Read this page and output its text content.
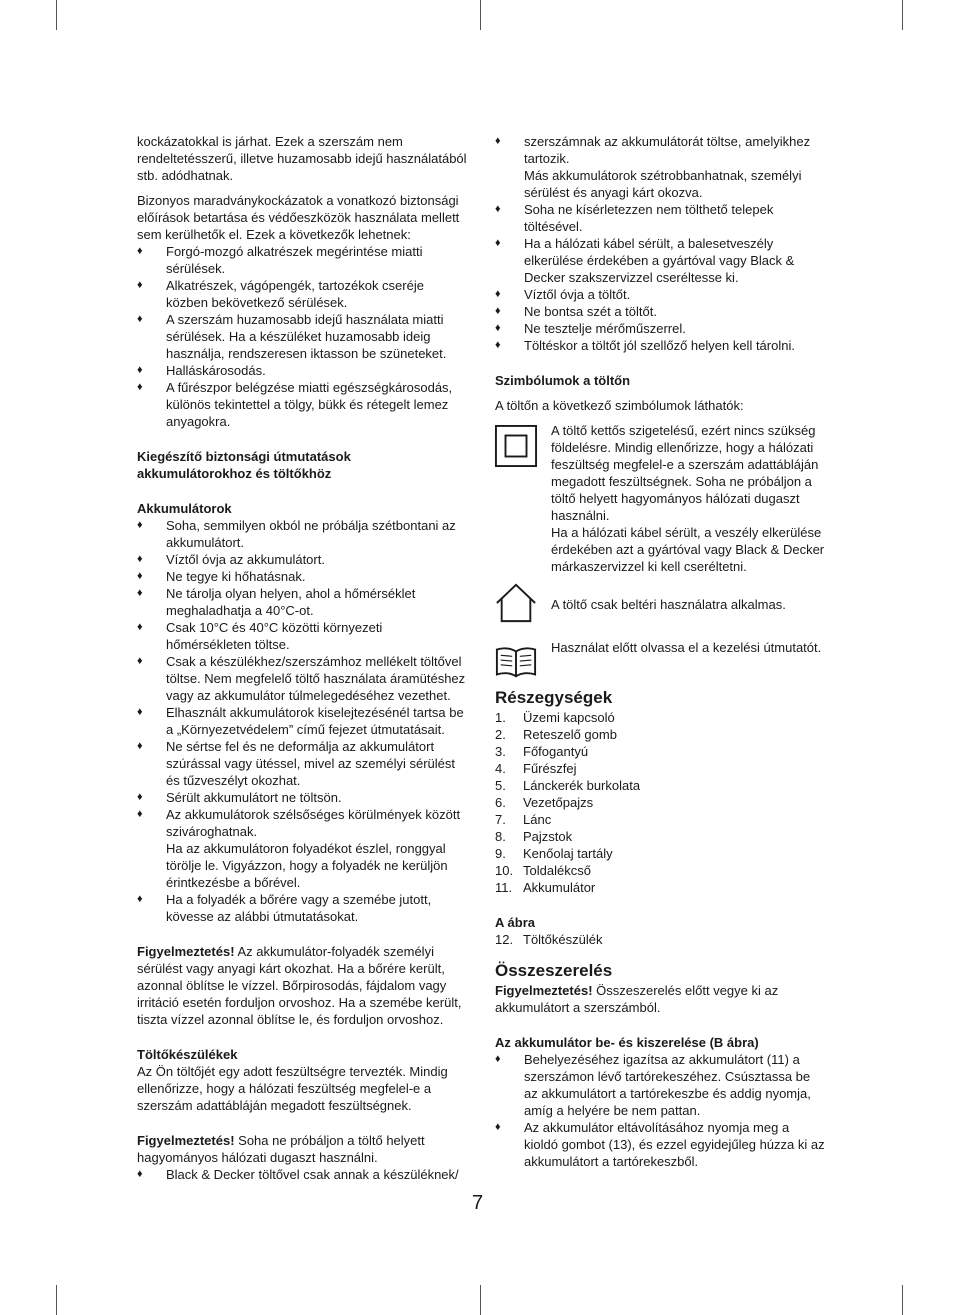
kockázatokkal is járhat. Ezek a szerszám nem rendeltetésszerű, illetve huzamosabb idejű használatából stb. adódhatnak.

Bizonyos maradványkockázatok a vonatkozó biztonsági előírások betartása és védőeszközök használata mellett sem kerülhetők el. Ezek a következők lehetnek:

♦ Forgó-mozgó alkatrészek megérintése miatti sérülések.
♦ Alkatrészek, vágópengék, tartozékok cseréje közben bekövetkező sérülések.
♦ A szerszám huzamosabb idejű használata miatti sérülések. Ha a készüléket huzamosabb ideig használja, rendszeresen iktasson be szüneteket.
♦ Halláskárosodás.
♦ A fűrészpor belégzése miatti egészségkárosodás, különös tekintettel a tölgy, bükk és rétegelt lemez anyagokra.

Kiegészítő biztonsági útmutatások akkumulátorokhoz és töltőkhöz

Akkumulátorok

♦ Soha, semmilyen okból ne próbálja szétbontani az akkumulátort.
♦ Víztől óvja az akkumulátort.
♦ Ne tegye ki hőhatásnak.
♦ Ne tárolja olyan helyen, ahol a hőmérséklet meghaladhatja a 40°C-ot.
♦ Csak 10°C és 40°C közötti környezeti hőmérsékleten töltse.
♦ Csak a készülékhez/szerszámhoz mellékelt töltővel töltse. Nem megfelelő töltő használata áramütéshez vagy az akkumulátor túlmelegedéséhez vezethet.
♦ Elhasznált akkumulátorok kiselejtezésénél tartsa be a „Környezetvédelem” című fejezet útmutatásait.
♦ Ne sértse fel és ne deformálja az akkumulátort szúrással vagy ütéssel, mivel az személyi sérülést és tűzveszélyt okozhat.
♦ Sérült akkumulátort ne töltsön.
♦ Az akkumulátorok szélsőséges körülmények között szivároghatnak.
Ha az akkumulátoron folyadékot észlel, ronggyal törölje le. Vigyázzon, hogy a folyadék ne kerüljön érintkezésbe a bőrével.
♦ Ha a folyadék a bőrére vagy a szemébe jutott, kövesse az alábbi útmutatásokat.

Figyelmeztetés! Az akkumulátor-folyadék személyi sérülést vagy anyagi kárt okozhat. Ha a bőrére került, azonnal öblítse le vízzel. Bőrpirosodás, fájdalom vagy irritáció esetén forduljon orvoshoz. Ha a szemébe került, tiszta vízzel azonnal öblítse le, és forduljon orvoshoz.

Töltőkészülékek

Az Ön töltőjét egy adott feszültségre tervezték. Mindig ellenőrizze, hogy a hálózati feszültség megfelel-e a szerszám adattábláján megadott feszültségnek.

Figyelmeztetés! Soha ne próbáljon a töltő helyett hagyományos hálózati dugaszt használni.

♦ Black & Decker töltővel csak annak a készüléknek/
♦ szerszámnak az akkumulátorát töltse, amelyikhez tartozik.
Más akkumulátorok szétrobbanhatnak, személyi sérülést és anyagi kárt okozva.
♦ Soha ne kísérletezzen nem tölthető telepek töltésével.
♦ Ha a hálózati kábel sérült, a balesetveszély elkerülése érdekében a gyártóval vagy Black & Decker szakszervizzel cseréltesse ki.
♦ Víztől óvja a töltőt.
♦ Ne bontsa szét a töltőt.
♦ Ne tesztelje mérőműszerrel.
♦ Töltéskor a töltőt jól szellőző helyen kell tárolni.

Szimbólumok a töltőn

A töltőn a következő szimbólumok láthatók:

A töltő kettős szigetelésű, ezért nincs szükség földelésre. Mindig ellenőrizze, hogy a hálózati feszültség megfelel-e a szerszám adattábláján megadott feszültségnek. Soha ne próbáljon a töltő helyett hagyományos hálózati dugaszt használni.

Ha a hálózati kábel sérült, a veszély elkerülése érdekében azt a gyártóval vagy Black & Decker márkaszervizzel ki kell cseréltetni.

A töltő csak beltéri használatra alkalmas.

Használat előtt olvassa el a kezelési útmutatót.

Részegységek

1. Üzemi kapcsoló
2. Reteszelő gomb
3. Főfogantyú
4. Fűrészfej
5. Lánckerék burkolata
6. Vezetőpajzs
7. Lánc
8. Pajzstok
9. Kenőolaj tartály
10. Toldalékcső
11. Akkumulátor

A ábra

12. Töltőkészülék

Összeszerelés

Figyelmeztetés! Összeszerelés előtt vegye ki az akkumulátort a szerszámból.

Az akkumulátor be- és kiszerelése (B ábra)

♦ Behelyezéséhez igazítsa az akkumulátort (11) a szerszámon lévő tartórekeszéhez. Csúsztassa be az akkumulátort a tartórekeszbe és addig nyomja, amíg a helyére be nem pattan.
♦ Az akkumulátor eltávolításához nyomja meg a kioldó gombot (13), és ezzel egyidejűleg húzza ki az akkumulátort a tartórekeszből.
7
